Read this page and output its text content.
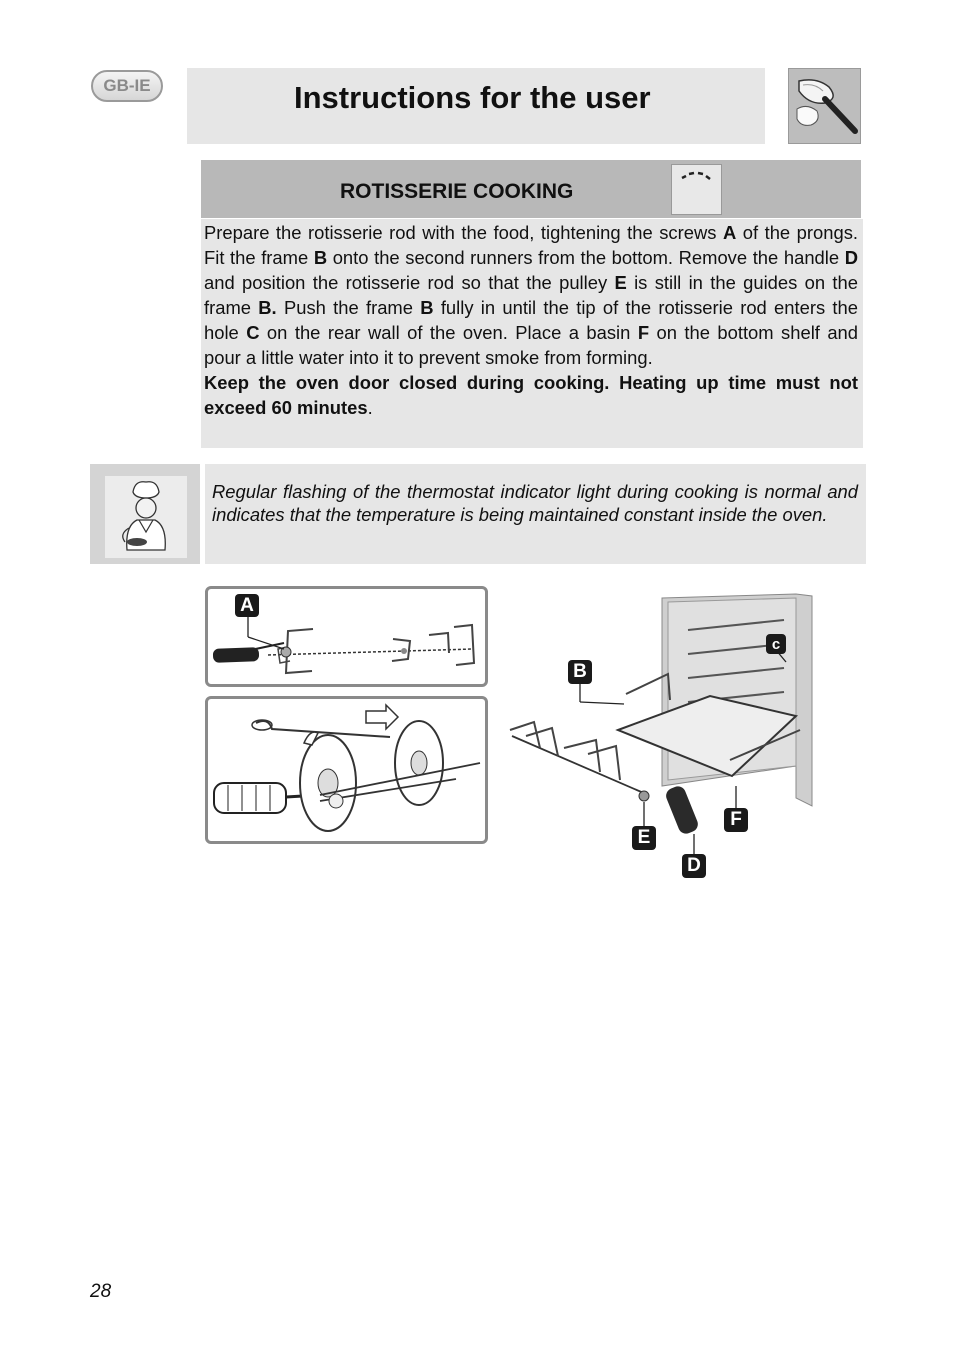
GB-IE	Instructions for the user
ROTISSERIE COOKING

Prepare the rotisserie rod with the food, tightening the screws A of the prongs. Fit the frame B onto the second runners from the bottom. Remove the handle D and position the rotisserie rod so that the pulley E is still in the guides on the frame B. Push the frame B fully in until the tip of the rotisserie rod enters the hole C on the rear wall of the oven. Place a basin F on the bottom shelf and pour a little water into it to prevent smoke from forming.

Keep the oven door closed during cooking. Heating up time must not exceed 60 minutes.

Regular flashing of the thermostat indicator light during cooking is normal and indicates that the temperature is being maintained constant inside the oven.
A
B
c
E
F
D
28
